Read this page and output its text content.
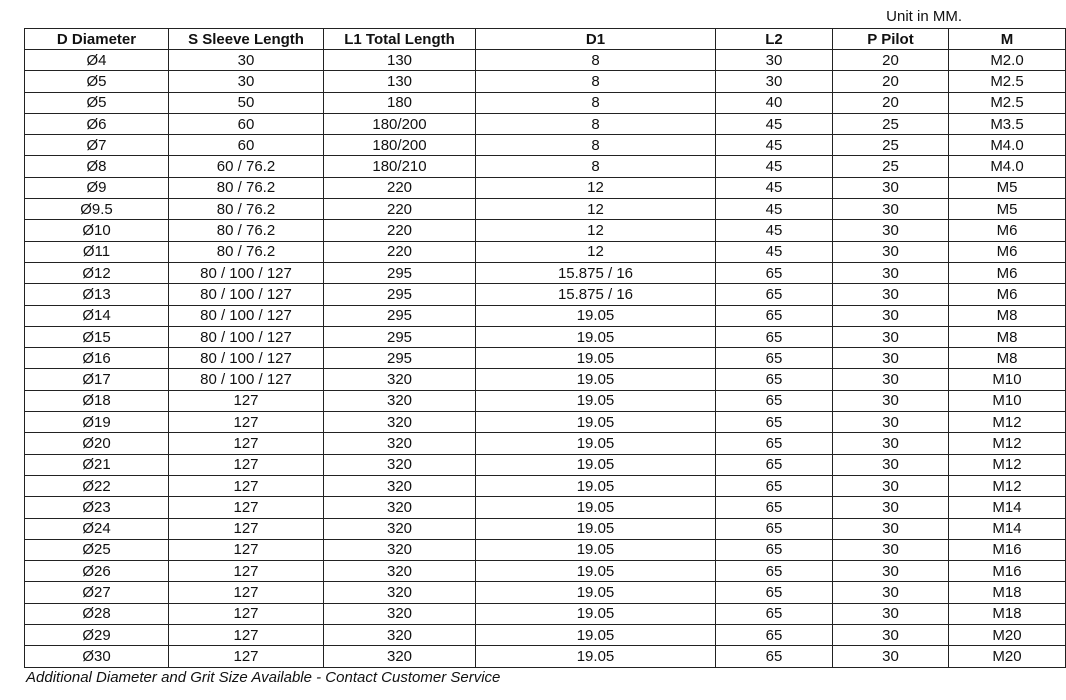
Unit in MM.
D Diameter	S Sleeve Length	L1 Total Length	D1	L2	P Pilot	M
Ø4	30	130	8	30	20	M2.0
Ø5	30	130	8	30	20	M2.5
Ø5	50	180	8	40	20	M2.5
Ø6	60	180/200	8	45	25	M3.5
Ø7	60	180/200	8	45	25	M4.0
Ø8	60 / 76.2	180/210	8	45	25	M4.0
Ø9	80 / 76.2	220	12	45	30	M5
Ø9.5	80 / 76.2	220	12	45	30	M5
Ø10	80 / 76.2	220	12	45	30	M6
Ø11	80 / 76.2	220	12	45	30	M6
Ø12	80 / 100 / 127	295	15.875 / 16	65	30	M6
Ø13	80 / 100 / 127	295	15.875 / 16	65	30	M6
Ø14	80 / 100 / 127	295	19.05	65	30	M8
Ø15	80 / 100 / 127	295	19.05	65	30	M8
Ø16	80 / 100 / 127	295	19.05	65	30	M8
Ø17	80 / 100 / 127	320	19.05	65	30	M10
Ø18	127	320	19.05	65	30	M10
Ø19	127	320	19.05	65	30	M12
Ø20	127	320	19.05	65	30	M12
Ø21	127	320	19.05	65	30	M12
Ø22	127	320	19.05	65	30	M12
Ø23	127	320	19.05	65	30	M14
Ø24	127	320	19.05	65	30	M14
Ø25	127	320	19.05	65	30	M16
Ø26	127	320	19.05	65	30	M16
Ø27	127	320	19.05	65	30	M18
Ø28	127	320	19.05	65	30	M18
Ø29	127	320	19.05	65	30	M20
Ø30	127	320	19.05	65	30	M20
Additional Diameter and Grit Size Available - Contact Customer Service
